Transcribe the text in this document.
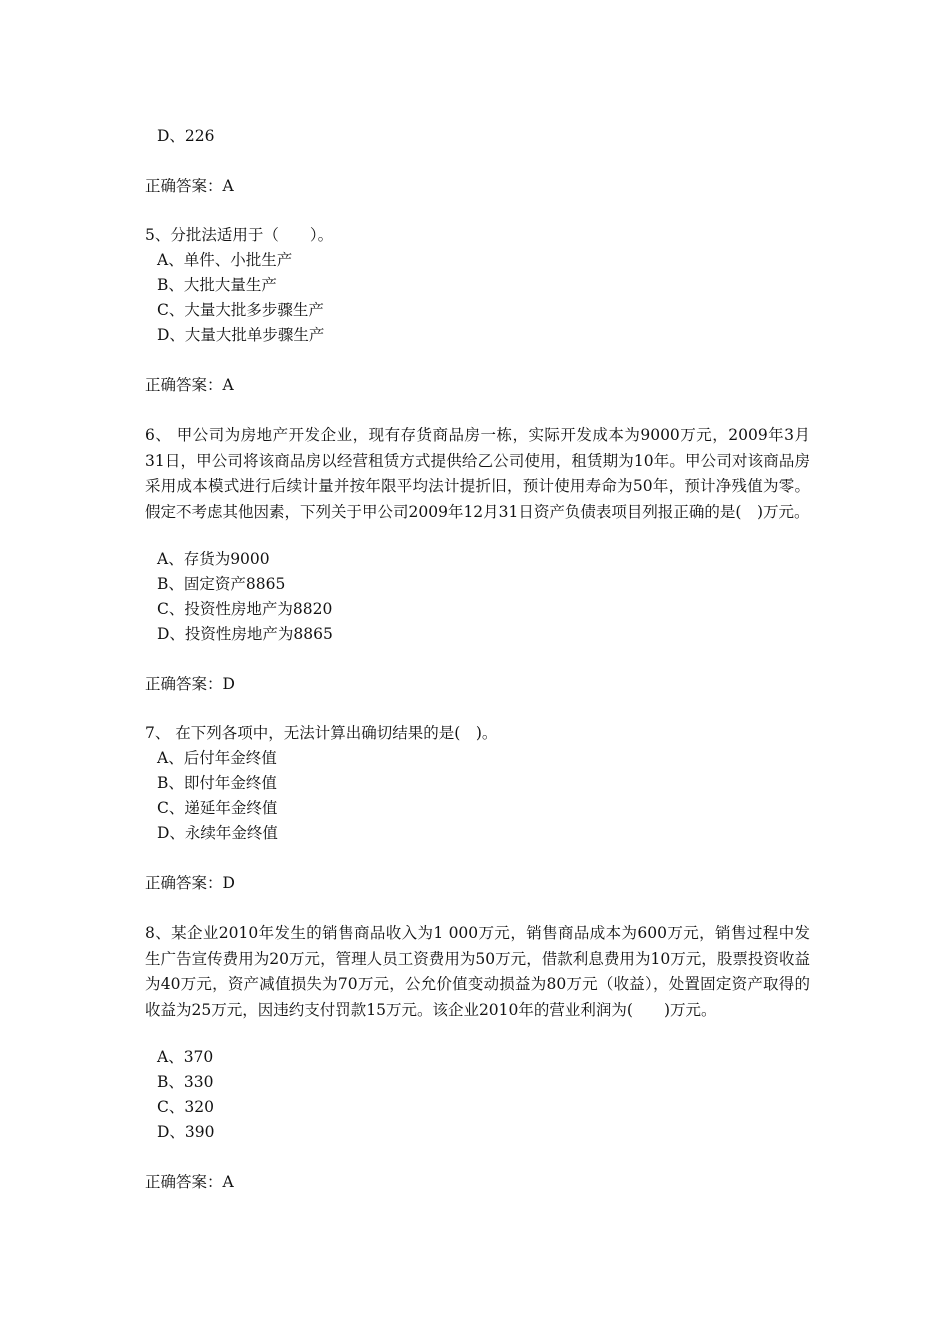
D、226
正确答案：A
5、分批法适用于（　　）。
A、单件、小批生产
B、大批大量生产
C、大量大批多步骤生产
D、大量大批单步骤生产
正确答案：A

6、 甲公司为房地产开发企业，现有存货商品房一栋，实际开发成本为9000万元，2009年3月31日，甲公司将该商品房以经营租赁方式提供给乙公司使用，租赁期为10年。甲公司对该商品房采用成本模式进行后续计量并按年限平均法计提折旧，预计使用寿命为50年，预计净残值为零。假定不考虑其他因素，下列关于甲公司2009年12月31日资产负债表项目列报正确的是(　)万元。

A、存货为9000
B、固定资产8865
C、投资性房地产为8820
D、投资性房地产为8865
正确答案：D
7、 在下列各项中，无法计算出确切结果的是(　)。
A、后付年金终值
B、即付年金终值
C、递延年金终值
D、永续年金终值
正确答案：D

8、某企业2010年发生的销售商品收入为1 000万元，销售商品成本为600万元，销售过程中发生广告宣传费用为20万元，管理人员工资费用为50万元，借款利息费用为10万元，股票投资收益为40万元，资产减值损失为70万元，公允价值变动损益为80万元（收益），处置固定资产取得的收益为25万元，因违约支付罚款15万元。该企业2010年的营业利润为(　　)万元。

A、370
B、330
C、320
D、390
正确答案：A
